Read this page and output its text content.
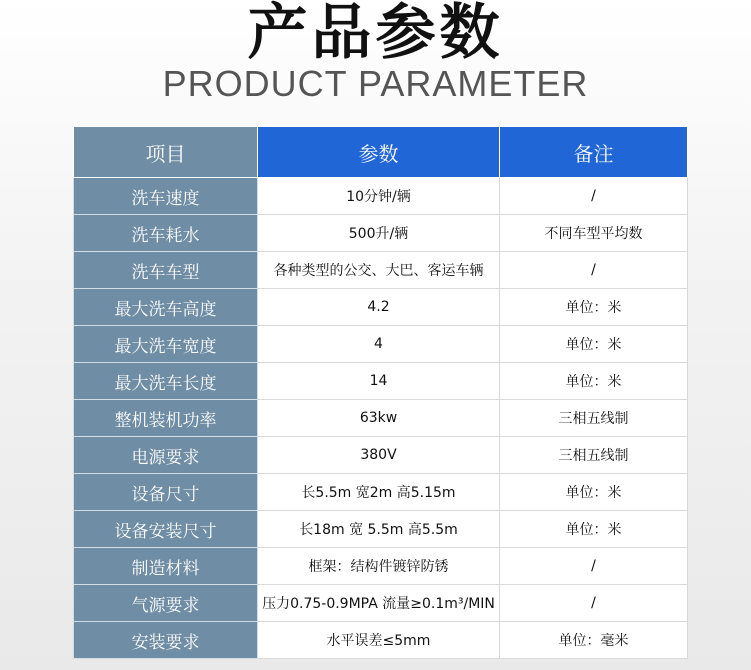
产品参数
PRODUCT PARAMETER
项目	参数	备注
洗车速度	10分钟/辆	/
洗车耗水	500升/辆	不同车型平均数
洗车车型	各种类型的公交、大巴、客运车辆	/
最大洗车高度	4.2	单位：米
最大洗车宽度	4	单位：米
最大洗车长度	14	单位：米
整机装机功率	63kw	三相五线制
电源要求	380V	三相五线制
设备尺寸	长5.5m 宽2m 高5.15m	单位：米
设备安装尺寸	长18m 宽 5.5m 高5.5m	单位：米
制造材料	框架：结构件镀锌防锈	/
气源要求	压力0.75-0.9MPA 流量≥0.1m³/MIN	/
安装要求	水平误差≤5mm	单位：毫米
